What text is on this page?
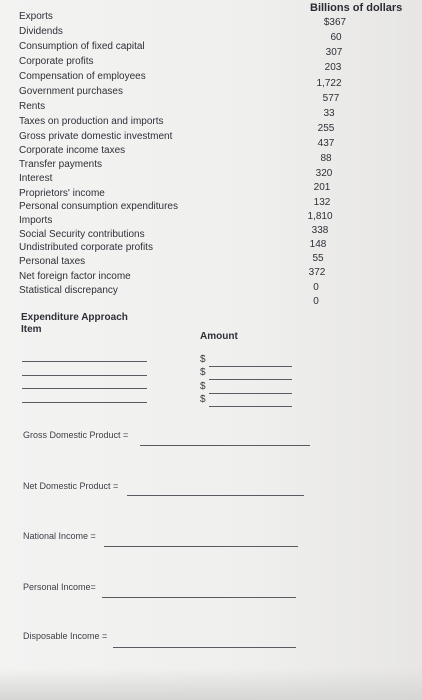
Billions of dollars
Exports
Dividends
Consumption of fixed capital
Corporate profits
Compensation of employees
Government purchases
Rents
Taxes on production and imports
Gross private domestic investment
Corporate income taxes
Transfer payments
Interest
Proprietors' income
Personal consumption expenditures
Imports
Social Security contributions
Undistributed corporate profits
Personal taxes
Net foreign factor income
Statistical discrepancy
$367
60
307
203
1,722
577
33
255
437
88
320
201
132
1,810
338
148
55
372
0
0
Expenditure Approach
Item
Amount
$
$
$
$
Gross Domestic Product =
Net Domestic Product =
National Income =
Personal Income=
Disposable Income =
